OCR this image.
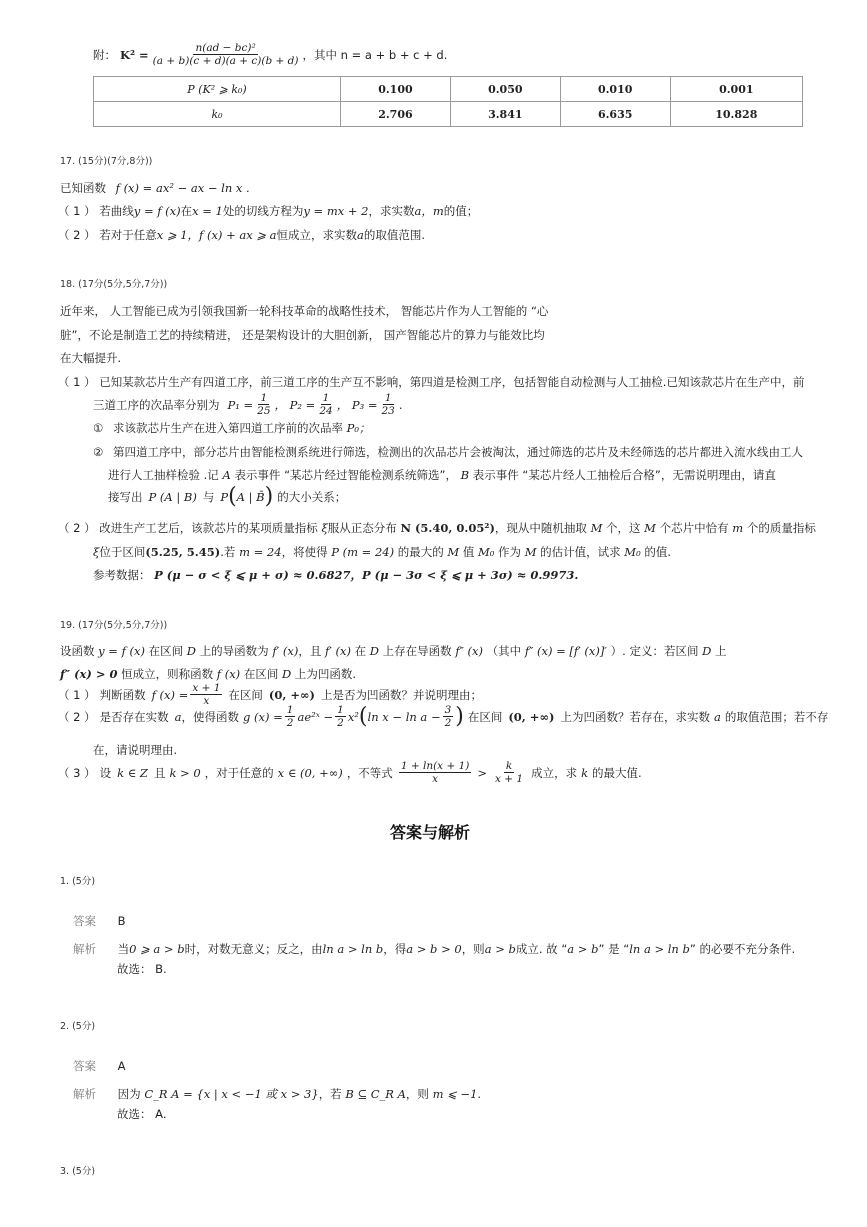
附： $K^2 = \frac{\text{n(ad − bc)²}}{(a + b)(c + d)(a + c)(b + d)}$ ，其中 n = a + b + c + d.
P (K² ⩾ k₀)	0.100	0.050	0.010	0.001
k₀	2.706	3.841	6.635	10.828
17. (15分)(7分,8分))
已知函数 f (x) = ax² − ax − ln x .
（ 1 ） 若曲线y = f (x)在x = 1处的切线方程为y = mx + 2，求实数a，m的值；
（ 2 ） 若对于任意x ⩾ 1，f (x) + ax ⩾ a恒成立，求实数a的取值范围.
18. (17分(5分,5分,7分))
近年来， 人工智能已成为引领我国新一轮科技革命的战略性技术， 智能芯片作为人工智能的 “心
脏”，不论是制造工艺的持续精进， 还是架构设计的大胆创新， 国产智能芯片的算力与能效比均
在大幅提升.
（ 1 ） 已知某款芯片生产有四道工序，前三道工序的生产互不影响，第四道是检测工序，包括智能自动检测与人工抽检.已知该款芯片在生产中，前
三道工序的次品率分别为 $P_1 = \frac{1}{25}$ ， $P_2 = \frac{1}{24}$ ， $P_3 = \frac{1}{23}$ .
① 求该款芯片生产在进入第四道工序前的次品率 P₀；
② 第四道工序中，部分芯片由智能检测系统进行筛选，检测出的次品芯片会被淘汰，通过筛选的芯片及未经筛选的芯片都进入流水线由工人
进行人工抽样检验 .记 A 表示事件 “某芯片经过智能检测系统筛选”， B 表示事件 “某芯片经人工抽检后合格”，无需说明理由，请直
接写出 P (A | B) 与 P ( A | B̄ ) 的大小关系；
（ 2 ） 改进生产工艺后，该款芯片的某项质量指标 ξ服从正态分布 N (5.40, 0.05²)，现从中随机抽取 M 个，这 M 个芯片中恰有 m 个的质量指标
ξ位于区间(5.25, 5.45).若 m = 24，将使得 P (m = 24) 的最大的 M 值 M₀ 作为 M 的估计值，试求 M₀ 的值.
参考数据： P (μ − σ < ξ ⩽ μ + σ) ≈ 0.6827，P (μ − 3σ < ξ ⩽ μ + 3σ) ≈ 0.9973.
19. (17分(5分,5分,7分))
设函数 y = f (x) 在区间 D 上的导函数为 f′ (x)，且 f′ (x) 在 D 上存在导函数 f″ (x) （其中 f″ (x) = [f′ (x)]′ ）. 定义：若区间 D 上
f″ (x) > 0 恒成立，则称函数 f (x) 在区间 D 上为凹函数.
（ 1 ） 判断函数 f $(x) = \frac{x + 1}{x}$ 在区间 (0, +∞) 上是否为凹函数？并说明理由；
（ 2 ） 是否存在实数 a ，使得函数 g $(x) = \frac{1}{2}$ ae²ˣ − $\frac{1}{2} x^2$ ( $\ln x - \ln a - \frac{3}{2}$ ) 在区间 (0, +∞) 上为凹函数？若存在，求实数 a 的取值范围；若不存
在，请说明理由.
（ 3 ） 设 k ∈ Z 且 k > 0 ，对于任意的 x ∈ (0, +∞) ，不等式 $\frac{1 + \ln(x + 1)}{x} > \frac{k}{x + 1}$ 成立，求 k 的最大值.
答案与解析
1. (5分)
答案 B
解析 当0 ⩾ a > b时，对数无意义；反之，由ln a > ln b，得a > b > 0，则a > b成立. 故 “a > b” 是 “ln a > ln b” 的必要不充分条件.
故选： B.
2. (5分)
答案 A
解析 因为 C_R A = {x | x < −1 或 x > 3}，若 B ⊆ C_R A，则 m ⩽ −1.
故选： A.
3. (5分)
